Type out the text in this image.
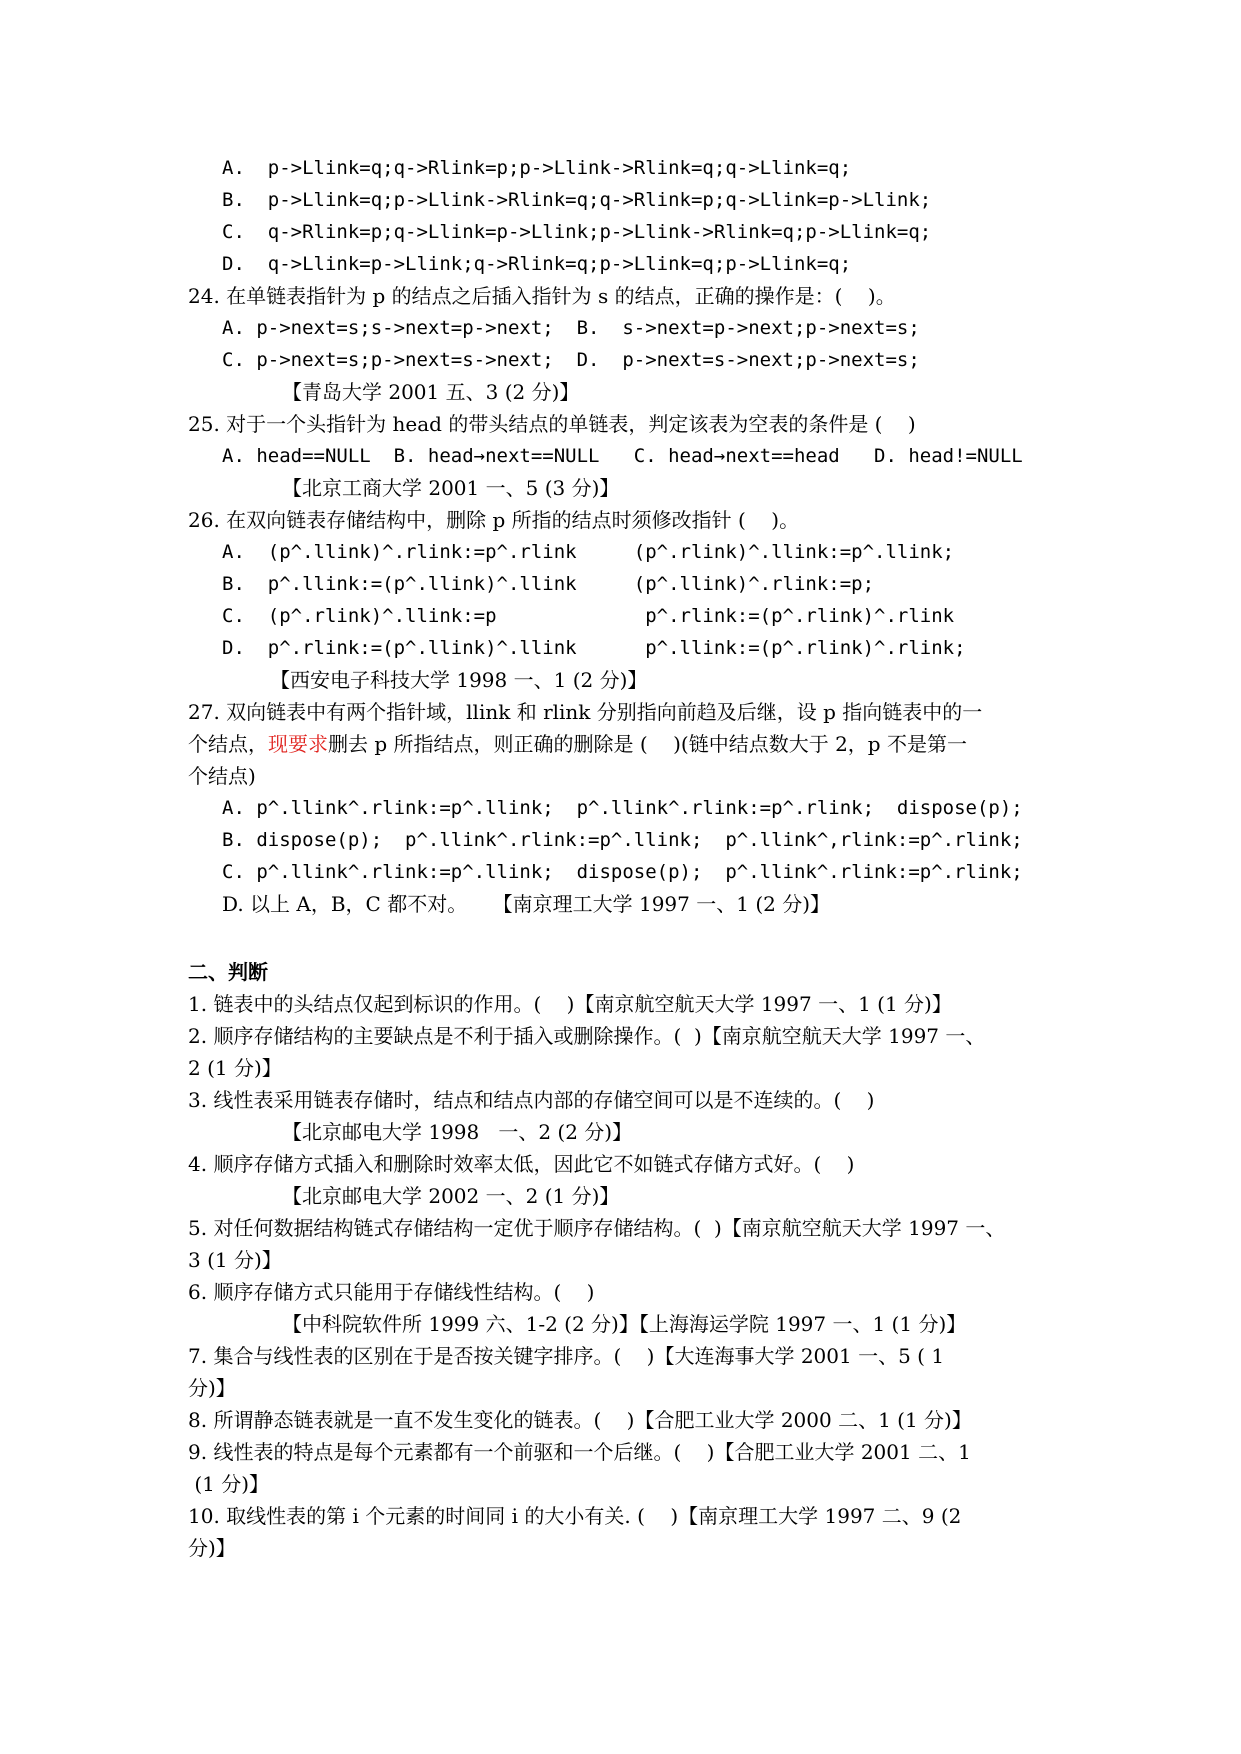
A.  p->Llink=q;q->Rlink=p;p->Llink->Rlink=q;q->Llink=q;
B.  p->Llink=q;p->Llink->Rlink=q;q->Rlink=p;q->Llink=p->Llink;
C.  q->Rlink=p;q->Llink=p->Llink;p->Llink->Rlink=q;p->Llink=q;
D.  q->Llink=p->Llink;q->Rlink=q;p->Llink=q;p->Llink=q;
24. 在单链表指针为 p 的结点之后插入指针为 s 的结点，正确的操作是：(    )。
A. p->next=s;s->next=p->next;  B.  s->next=p->next;p->next=s;
C. p->next=s;p->next=s->next;  D.  p->next=s->next;p->next=s;
【青岛大学 2001 五、3 (2 分)】
25. 对于一个头指针为 head 的带头结点的单链表，判定该表为空表的条件是 (    )
A. head==NULL  B. head→next==NULL   C. head→next==head   D. head!=NULL
【北京工商大学 2001 一、5 (3 分)】
26. 在双向链表存储结构中，删除 p 所指的结点时须修改指针 (    )。
A.  (p^.llink)^.rlink:=p^.rlink     (p^.rlink)^.llink:=p^.llink;
B.  p^.llink:=(p^.llink)^.llink     (p^.llink)^.rlink:=p;
C.  (p^.rlink)^.llink:=p             p^.rlink:=(p^.rlink)^.rlink
D.  p^.rlink:=(p^.llink)^.llink      p^.llink:=(p^.rlink)^.rlink;
【西安电子科技大学 1998 一、1 (2 分)】
27. 双向链表中有两个指针域，llink 和 rlink 分别指向前趋及后继，设 p 指向链表中的一
个结点，现要求删去 p 所指结点，则正确的删除是 (    )(链中结点数大于 2，p 不是第一
个结点)
A. p^.llink^.rlink:=p^.llink;  p^.llink^.rlink:=p^.rlink;  dispose(p);
B. dispose(p);  p^.llink^.rlink:=p^.llink;  p^.llink^,rlink:=p^.rlink;
C. p^.llink^.rlink:=p^.llink;  dispose(p);  p^.llink^.rlink:=p^.rlink;
D. 以上 A，B，C 都不对。    【南京理工大学 1997 一、1 (2 分)】
二、判断
1. 链表中的头结点仅起到标识的作用。(    )【南京航空航天大学 1997 一、1 (1 分)】
2. 顺序存储结构的主要缺点是不利于插入或删除操作。(  )【南京航空航天大学 1997 一、
2 (1 分)】
3. 线性表采用链表存储时，结点和结点内部的存储空间可以是不连续的。(    )
【北京邮电大学 1998   一、2 (2 分)】
4. 顺序存储方式插入和删除时效率太低，因此它不如链式存储方式好。(    )
【北京邮电大学 2002 一、2 (1 分)】
5. 对任何数据结构链式存储结构一定优于顺序存储结构。(  )【南京航空航天大学 1997 一、
3 (1 分)】
6. 顺序存储方式只能用于存储线性结构。(    )
【中科院软件所 1999 六、1-2 (2 分)】【上海海运学院 1997 一、1 (1 分)】
7. 集合与线性表的区别在于是否按关键字排序。(    )【大连海事大学 2001 一、5 ( 1
分)】
8. 所谓静态链表就是一直不发生变化的链表。(    )【合肥工业大学 2000 二、1 (1 分)】
9. 线性表的特点是每个元素都有一个前驱和一个后继。(    )【合肥工业大学 2001 二、1
(1 分)】
10. 取线性表的第 i 个元素的时间同 i 的大小有关. (    )【南京理工大学 1997 二、9 (2
分)】
